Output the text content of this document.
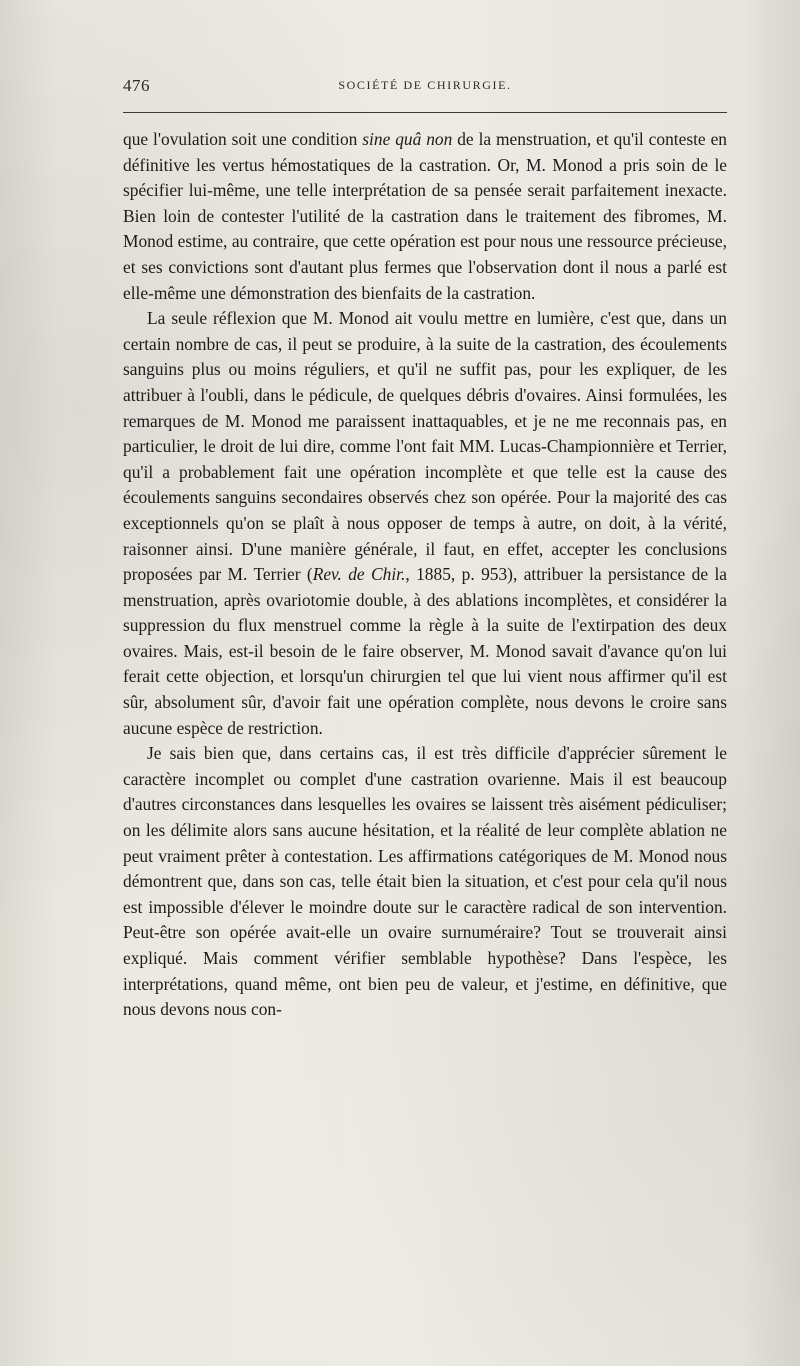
476	SOCIÉTÉ DE CHIRURGIE.

que l'ovulation soit une condition sine quâ non de la menstruation, et qu'il conteste en définitive les vertus hémostatiques de la castration. Or, M. Monod a pris soin de le spécifier lui-même, une telle interprétation de sa pensée serait parfaitement inexacte. Bien loin de contester l'utilité de la castration dans le traitement des fibromes, M. Monod estime, au contraire, que cette opération est pour nous une ressource précieuse, et ses convictions sont d'autant plus fermes que l'observation dont il nous a parlé est elle-même une démonstration des bienfaits de la castration.

La seule réflexion que M. Monod ait voulu mettre en lumière, c'est que, dans un certain nombre de cas, il peut se produire, à la suite de la castration, des écoulements sanguins plus ou moins réguliers, et qu'il ne suffit pas, pour les expliquer, de les attribuer à l'oubli, dans le pédicule, de quelques débris d'ovaires. Ainsi formulées, les remarques de M. Monod me paraissent inattaquables, et je ne me reconnais pas, en particulier, le droit de lui dire, comme l'ont fait MM. Lucas-Championnière et Terrier, qu'il a probablement fait une opération incomplète et que telle est la cause des écoulements sanguins secondaires observés chez son opérée. Pour la majorité des cas exceptionnels qu'on se plaît à nous opposer de temps à autre, on doit, à la vérité, raisonner ainsi. D'une manière générale, il faut, en effet, accepter les conclusions proposées par M. Terrier (Rev. de Chir., 1885, p. 953), attribuer la persistance de la menstruation, après ovariotomie double, à des ablations incomplètes, et considérer la suppression du flux menstruel comme la règle à la suite de l'extirpation des deux ovaires. Mais, est-il besoin de le faire observer, M. Monod savait d'avance qu'on lui ferait cette objection, et lorsqu'un chirurgien tel que lui vient nous affirmer qu'il est sûr, absolument sûr, d'avoir fait une opération complète, nous devons le croire sans aucune espèce de restriction.

Je sais bien que, dans certains cas, il est très difficile d'apprécier sûrement le caractère incomplet ou complet d'une castration ovarienne. Mais il est beaucoup d'autres circonstances dans lesquelles les ovaires se laissent très aisément pédiculiser; on les délimite alors sans aucune hésitation, et la réalité de leur complète ablation ne peut vraiment prêter à contestation. Les affirmations catégoriques de M. Monod nous démontrent que, dans son cas, telle était bien la situation, et c'est pour cela qu'il nous est impossible d'élever le moindre doute sur le caractère radical de son intervention. Peut-être son opérée avait-elle un ovaire surnuméraire? Tout se trouverait ainsi expliqué. Mais comment vérifier semblable hypothèse? Dans l'espèce, les interprétations, quand même, ont bien peu de valeur, et j'estime, en définitive, que nous devons nous con-
